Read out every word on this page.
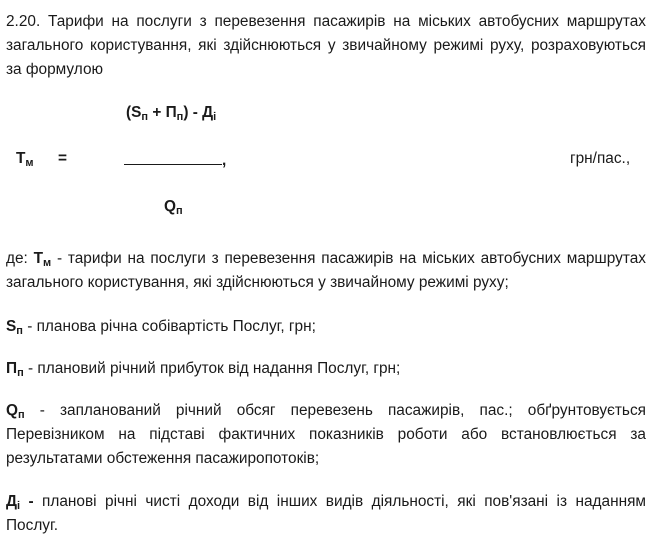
2.20. Тарифи на послуги з перевезення пасажирів на міських автобусних маршрутах загального користування, які здійснюються у звичайному режимі руху, розраховуються за формулою

$(S_п + П_п) - Д_і$
$Т_м$ =	,	грн/пас.,
$Q_п$

де: $Т_м$ - тарифи на послуги з перевезення пасажирів на міських автобусних маршрутах загального користування, які здійснюються у звичайному режимі руху;

$S_п$ - планова річна собівартість Послуг, грн;

$П_п$ - плановий річний прибуток від надання Послуг, грн;

$Q_п$ - запланований річний обсяг перевезень пасажирів, пас.; обґрунтовується Перевізником на підставі фактичних показників роботи або встановлюється за результатами обстеження пасажиропотоків;

$Д_і$ - планові річні чисті доходи від інших видів діяльності, які пов'язані із наданням Послуг.
